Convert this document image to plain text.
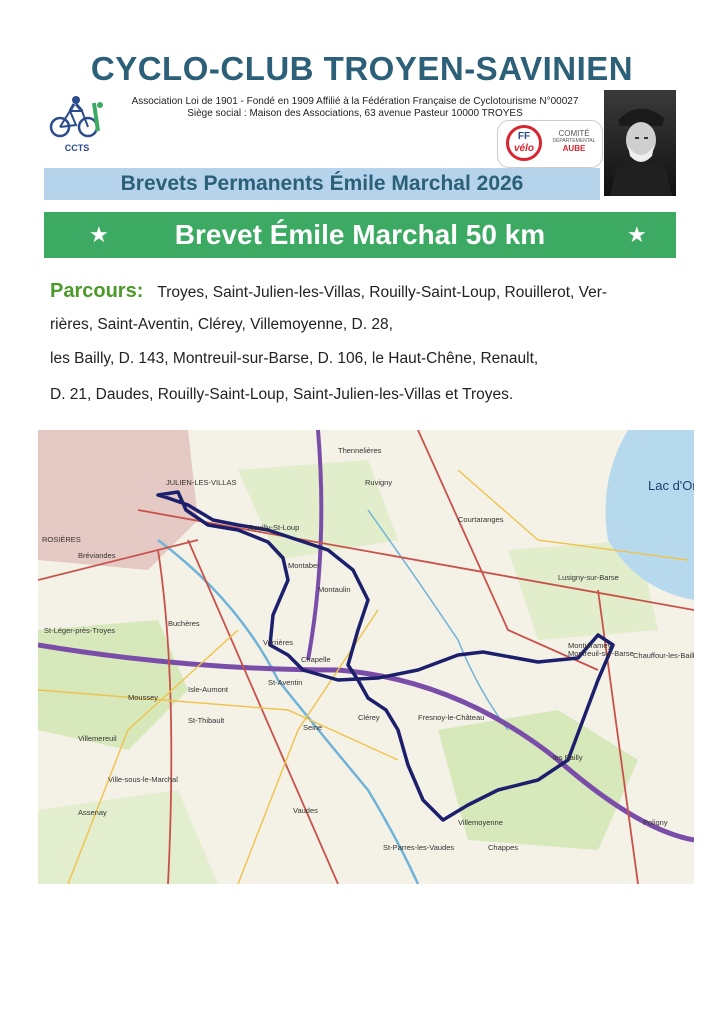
CYCLO-CLUB TROYEN-SAVINIEN
CCTS
Association Loi de 1901 - Fondé en 1909 Affilié à la Fédération Française de Cyclotourisme N°00027
Siège social : Maison des Associations, 63 avenue Pasteur 10000 TROYES
FF
vélo
COMITÉ
DÉPARTEMENTAL
AUBE
Brevets Permanents Émile Marchal 2026
★	Brevet Émile Marchal 50 km	★
Parcours: Troyes, Saint-Julien-les-Villas, Rouilly-Saint-Loup, Rouillerot, Ver-
rières, Saint-Aventin, Clérey, Villemoyenne, D. 28,
les Bailly, D. 143, Montreuil-sur-Barse, D. 106, le Haut-Chêne, Renault,
D. 21, Daudes, Rouilly-Saint-Loup, Saint-Julien-les-Villas et Troyes.
Lac d'Or
ROSIÈRES
Bréviandes
Buchères
St-Léger-près-Troyes
Moussey
St-Thibault
Isle-Aumont
Villemereuil
Ville-sous-le-Marchal
Assenay
Rouilly-St-Loup
Montaber
Montaulin
Verrières
Chapelle
St-Aventin
Clérey	Fresnoy-le-Château
Courtaranges
Thennelières
Ruvigny
Lusigny-sur-Barse
Montiéramey
Montreuil-sur-Barse
Villemoyenne
St-Parres-les-Vaudes
Vaudes
Chappes
Poligny
Chauffour-les-Bailly
les Bailly
Seine
JULIEN-LES-VILLAS
